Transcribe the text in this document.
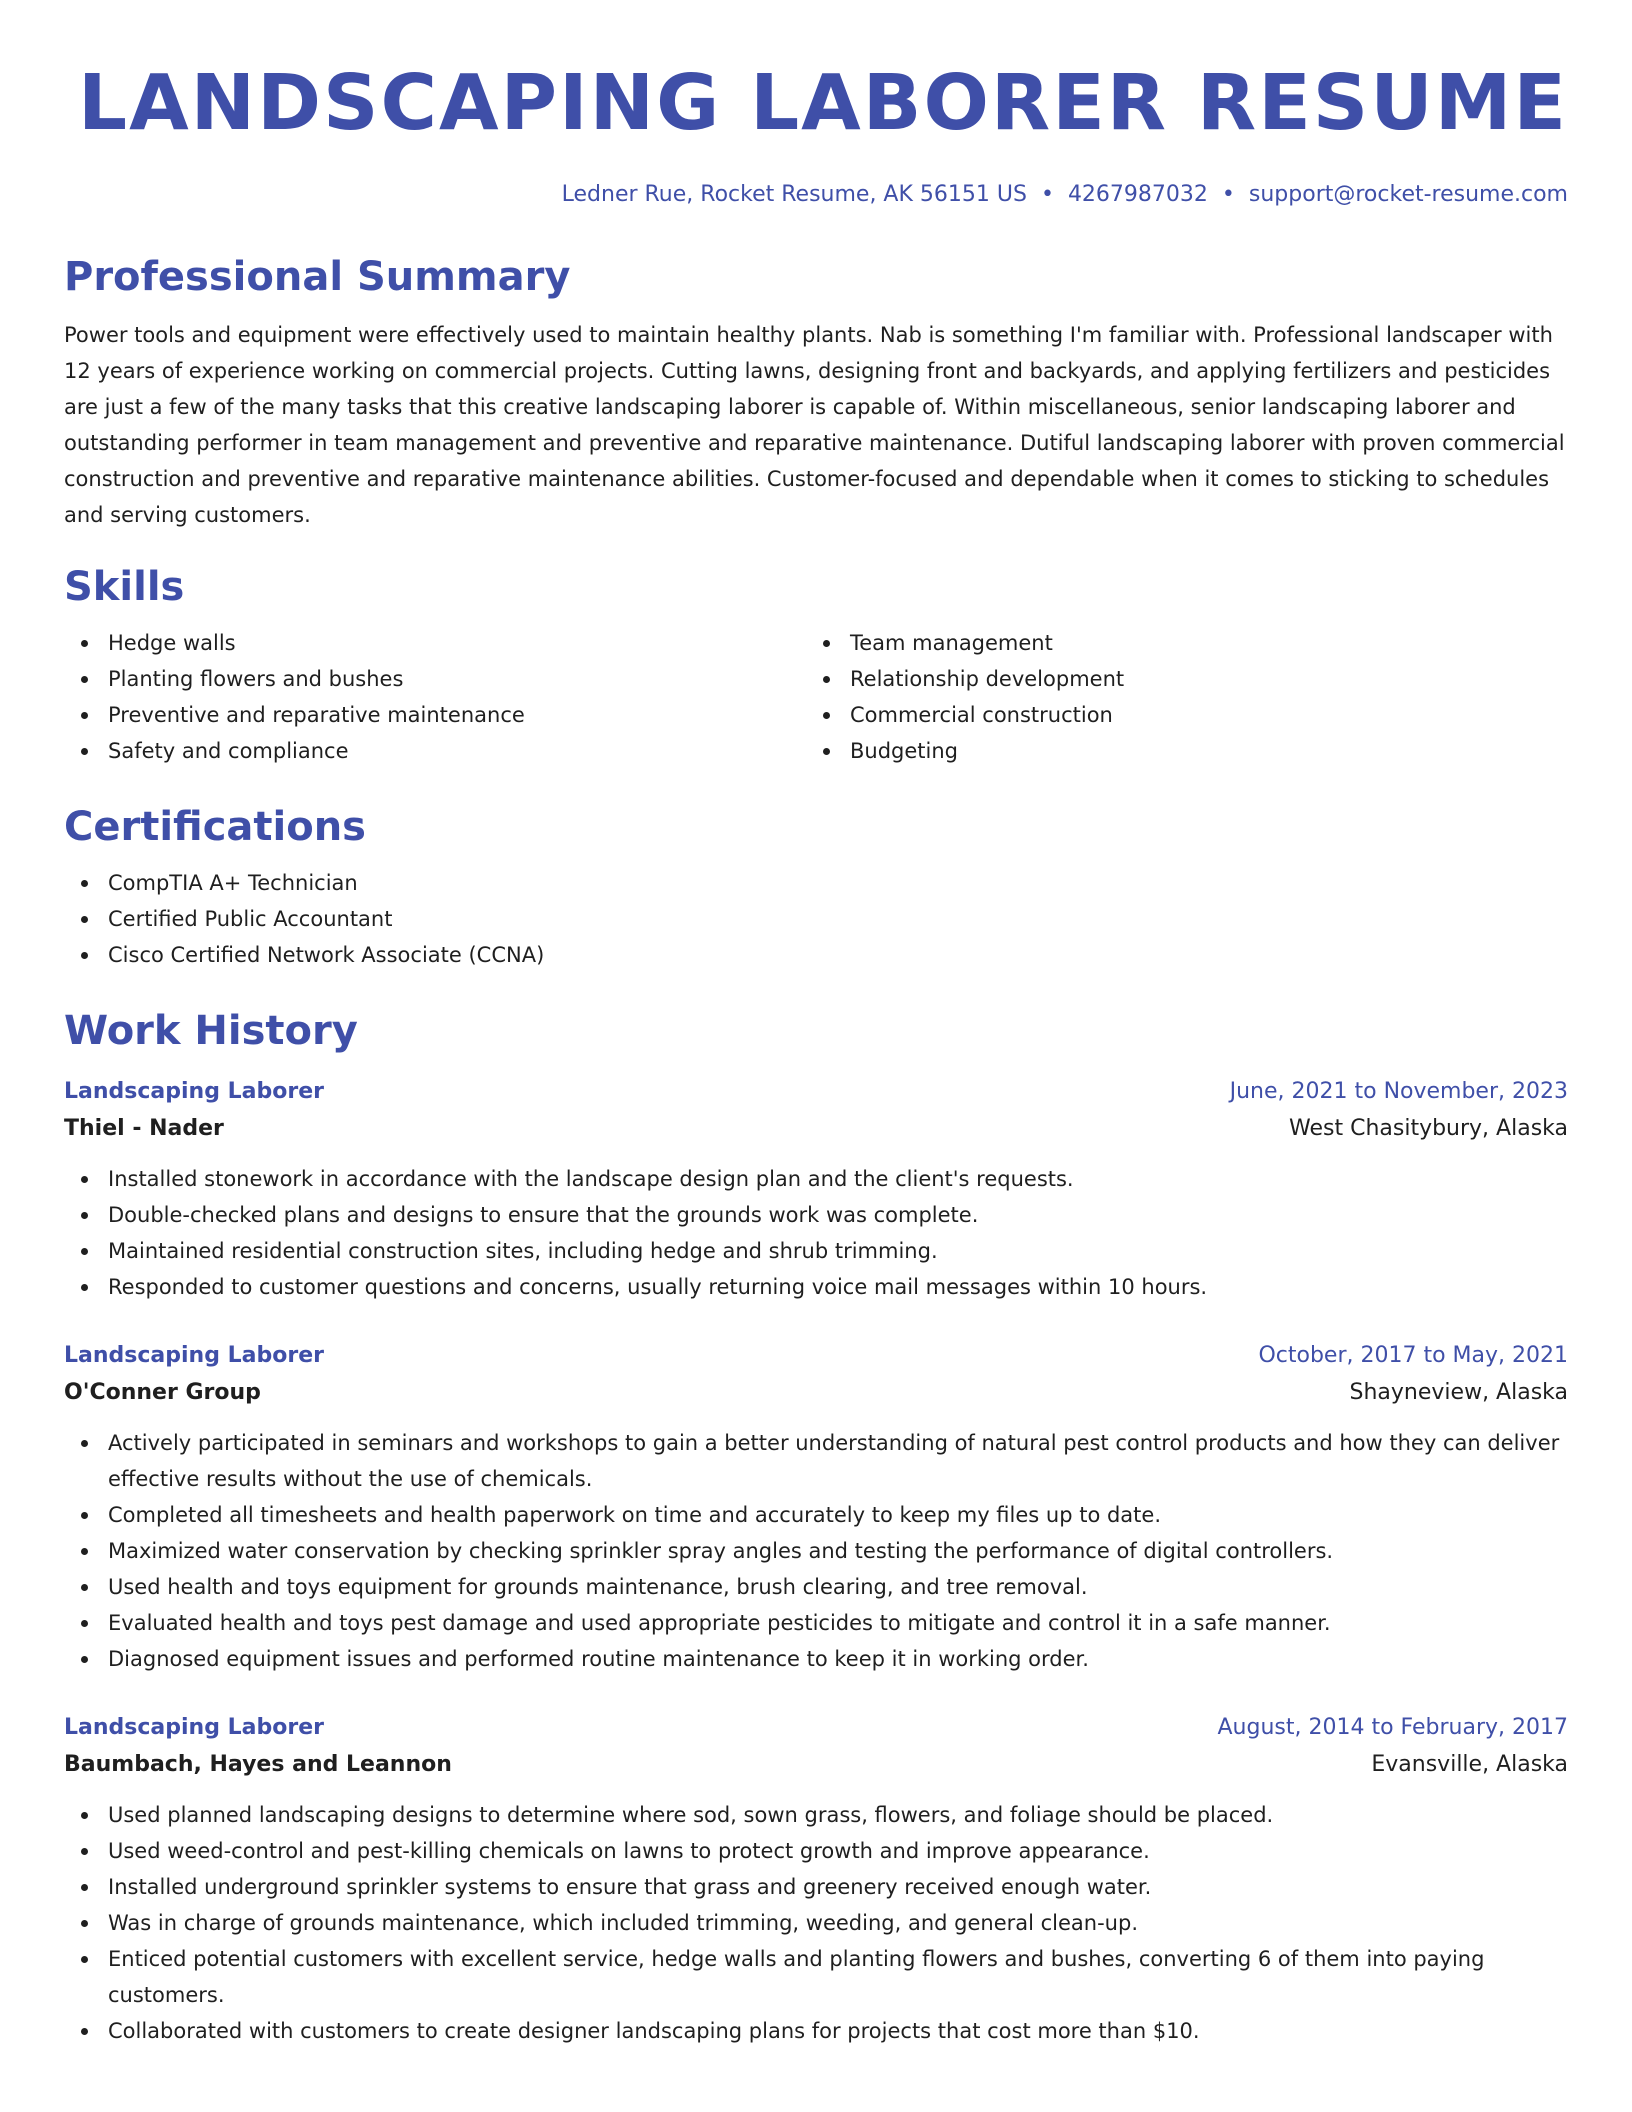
LANDSCAPING LABORER RESUME
Ledner Rue, Rocket Resume, AK 56151 US • 4267987032 • support@rocket-resume.com
Professional Summary

Power tools and equipment were effectively used to maintain healthy plants. Nab is something I'm familiar with. Professional landscaper with 12 years of experience working on commercial projects. Cutting lawns, designing front and backyards, and applying fertilizers and pesticides are just a few of the many tasks that this creative landscaping laborer is capable of. Within miscellaneous, senior landscaping laborer and outstanding performer in team management and preventive and reparative maintenance. Dutiful landscaping laborer with proven commercial construction and preventive and reparative maintenance abilities. Customer-focused and dependable when it comes to sticking to schedules and serving customers.

Skills
Hedge walls
Planting flowers and bushes
Preventive and reparative maintenance
Safety and compliance
Team management
Relationship development
Commercial construction
Budgeting
Certifications
CompTIA A+ Technician
Certified Public Accountant
Cisco Certified Network Associate (CCNA)
Work History
Landscaping Laborer	June, 2021 to November, 2023
Thiel - Nader	West Chasitybury, Alaska
Installed stonework in accordance with the landscape design plan and the client's requests.
Double-checked plans and designs to ensure that the grounds work was complete.
Maintained residential construction sites, including hedge and shrub trimming.
Responded to customer questions and concerns, usually returning voice mail messages within 10 hours.
Landscaping Laborer	October, 2017 to May, 2021
O'Conner Group	Shayneview, Alaska
Actively participated in seminars and workshops to gain a better understanding of natural pest control products and how they can deliver effective results without the use of chemicals.
Completed all timesheets and health paperwork on time and accurately to keep my files up to date.
Maximized water conservation by checking sprinkler spray angles and testing the performance of digital controllers.
Used health and toys equipment for grounds maintenance, brush clearing, and tree removal.
Evaluated health and toys pest damage and used appropriate pesticides to mitigate and control it in a safe manner.
Diagnosed equipment issues and performed routine maintenance to keep it in working order.
Landscaping Laborer	August, 2014 to February, 2017
Baumbach, Hayes and Leannon	Evansville, Alaska
Used planned landscaping designs to determine where sod, sown grass, flowers, and foliage should be placed.
Used weed-control and pest-killing chemicals on lawns to protect growth and improve appearance.
Installed underground sprinkler systems to ensure that grass and greenery received enough water.
Was in charge of grounds maintenance, which included trimming, weeding, and general clean-up.
Enticed potential customers with excellent service, hedge walls and planting flowers and bushes, converting 6 of them into paying customers.
Collaborated with customers to create designer landscaping plans for projects that cost more than $10.
